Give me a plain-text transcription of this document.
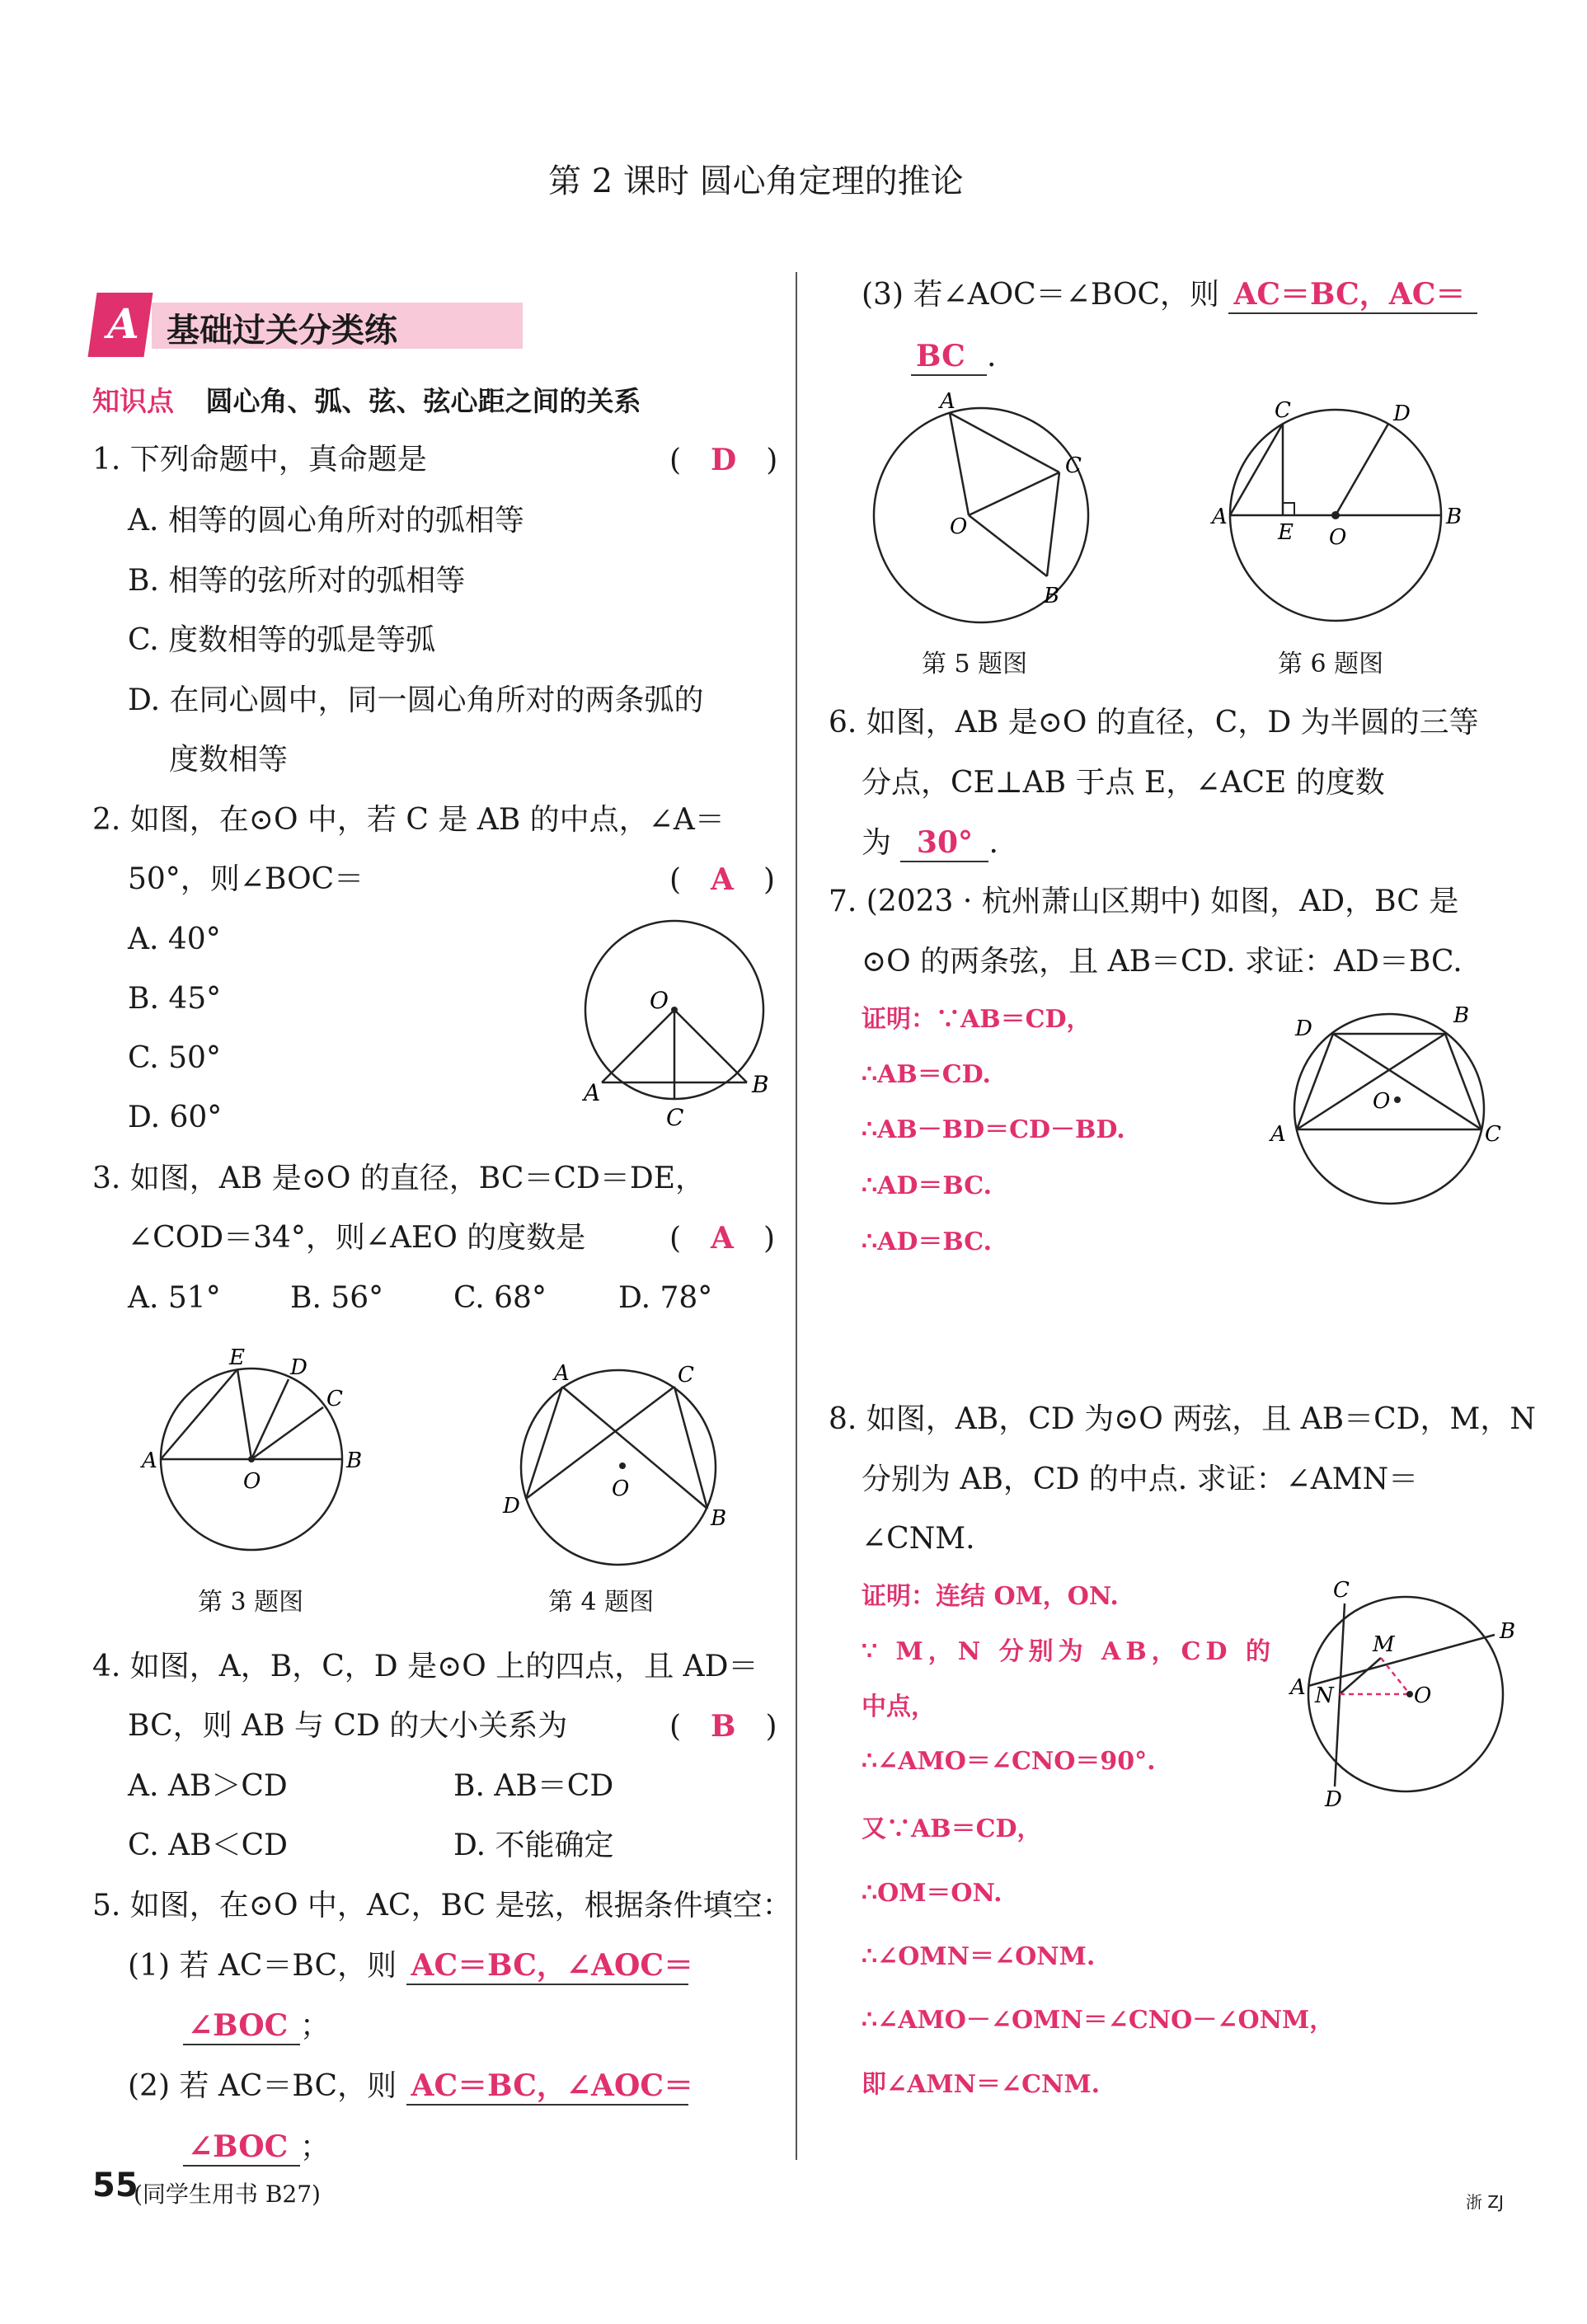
第 2 课时 圆心角定理的推论
A 基础过关分类练
知识点 圆心角、弧、弦、弦心距之间的关系
1. 下列命题中，真命题是	(　D　)
A. 相等的圆心角所对的弧相等
B. 相等的弦所对的弧相等
C. 度数相等的弧是等弧
D. 在同心圆中，同一圆心角所对的两条弧的
度数相等
2. 如图，在⊙O 中，若 C 是 AB 的中点，∠A＝
50°，则∠BOC＝	(　A　)
A. 40°
B. 45°
C. 50°
D. 60°
O
A	B
C
3. 如图，AB 是⊙O 的直径，BC＝CD＝DE，
∠COD＝34°，则∠AEO 的度数是	(　A　)
A. 51° B. 56° C. 68° D. 78°
E D
C
A	B
O
第 3 题图
A	C
D	B
O
第 4 题图
4. 如图，A，B，C，D 是⊙O 上的四点，且 AD＝
BC，则 AB 与 CD 的大小关系为	(　B　)
A. AB＞CD	B. AB＝CD
C. AB＜CD	D. 不能确定
5. 如图，在⊙O 中，AC，BC 是弦，根据条件填空：
(1) 若 AC＝BC，则 AC＝BC，∠AOC＝
∠BOC ；
(2) 若 AC＝BC，则 AC＝BC，∠AOC＝
∠BOC ；
(3) 若∠AOC＝∠BOC，则 AC＝BC，AC＝
BC .
A
C
B
O
第 5 题图
C	D
A	B
E O
第 6 题图
6. 如图，AB 是⊙O 的直径，C，D 为半圆的三等
分点，CE⊥AB 于点 E，∠ACE 的度数
为 30° .
7. (2023 · 杭州萧山区期中) 如图，AD，BC 是
⊙O 的两条弦，且 AB＝CD. 求证：AD＝BC.
证明：∵AB＝CD，
∴AB＝CD.
∴AB－BD＝CD－BD.
∴AD＝BC.
∴AD＝BC.
D
B
A	C
O
8. 如图，AB，CD 为⊙O 两弦，且 AB＝CD，M，N
分别为 AB，CD 的中点. 求证：∠AMN＝
∠CNM.
证明：连结 OM，ON.
∵ M，N 分别为 AB，CD 的
中点，
∴∠AMO＝∠CNO＝90°.
又∵AB＝CD，
∴OM＝ON.
∴∠OMN＝∠ONM.
∴∠AMO－∠OMN＝∠CNO－∠ONM，
即∠AMN＝∠CNM.
C
B
A
M
N	O
D
55
(同学生用书 B27)	浙 ZJ
